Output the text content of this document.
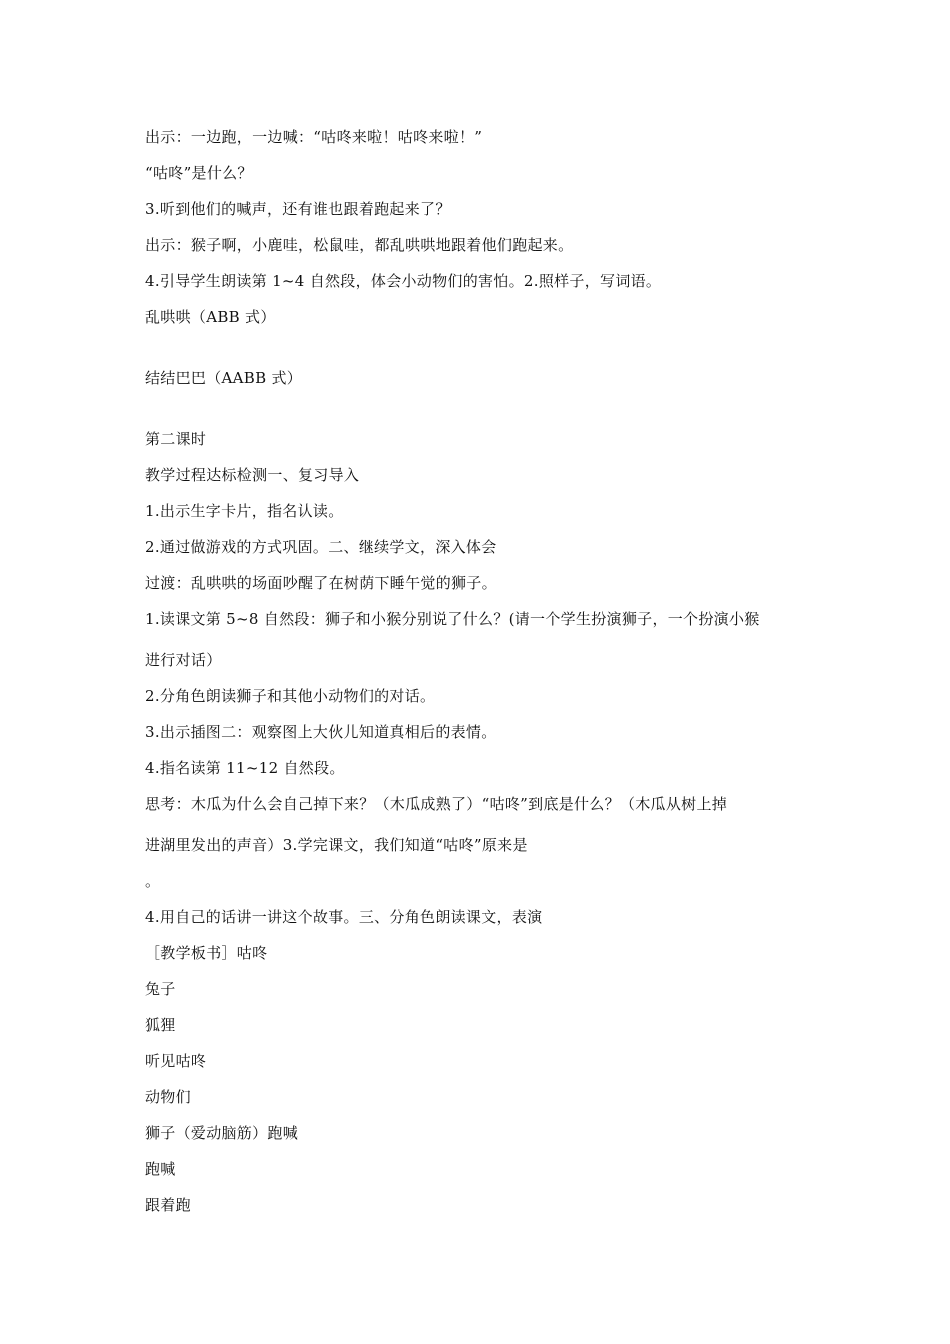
出示：一边跑，一边喊：“咕咚来啦！咕咚来啦！”
“咕咚”是什么？
3.听到他们的喊声，还有谁也跟着跑起来了？
出示：猴子啊，小鹿哇，松鼠哇，都乱哄哄地跟着他们跑起来。
4.引导学生朗读第 1~4 自然段，体会小动物们的害怕。2.照样子，写词语。
乱哄哄（ABB 式）
结结巴巴（AABB 式）
第二课时
教学过程达标检测一、复习导入
1.出示生字卡片，指名认读。
2.通过做游戏的方式巩固。二、继续学文，深入体会
过渡：乱哄哄的场面吵醒了在树荫下睡午觉的狮子。
1.读课文第 5~8 自然段：狮子和小猴分别说了什么？(请一个学生扮演狮子，一个扮演小猴
进行对话）
2.分角色朗读狮子和其他小动物们的对话。
3.出示插图二：观察图上大伙儿知道真相后的表情。
4.指名读第 11~12 自然段。
思考：木瓜为什么会自己掉下来？（木瓜成熟了）“咕咚”到底是什么？（木瓜从树上掉
进湖里发出的声音）3.学完课文，我们知道“咕咚”原来是
。
4.用自己的话讲一讲这个故事。三、分角色朗读课文，表演
［教学板书］咕咚
兔子
狐狸
听见咕咚
动物们
狮子（爱动脑筋）跑喊
跑喊
跟着跑
